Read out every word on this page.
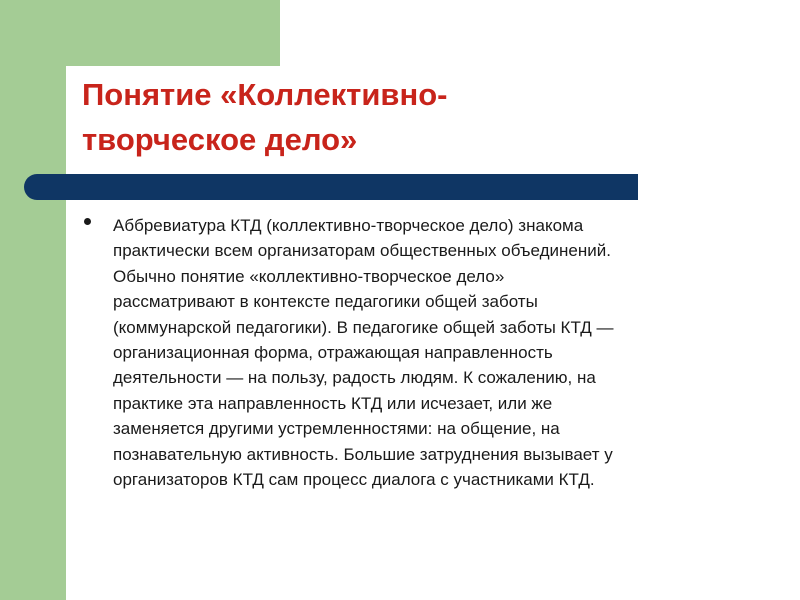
Понятие «Коллективно-
творческое дело»

Аббревиатура КТД (коллективно-творческое дело) знакома
практически всем организаторам общественных объединений.
Обычно понятие «коллективно-творческое дело»
рассматривают в контексте педагогики общей заботы
(коммунарской педагогики). В педагогике общей заботы КТД —
организационная форма, отражающая направленность
деятельности — на пользу, радость людям. К сожалению, на
практике эта направленность КТД или исчезает, или же
заменяется другими устремленностями: на общение, на
познавательную активность. Большие затруднения вызывает у
организаторов КТД сам процесс диалога с участниками КТД.
